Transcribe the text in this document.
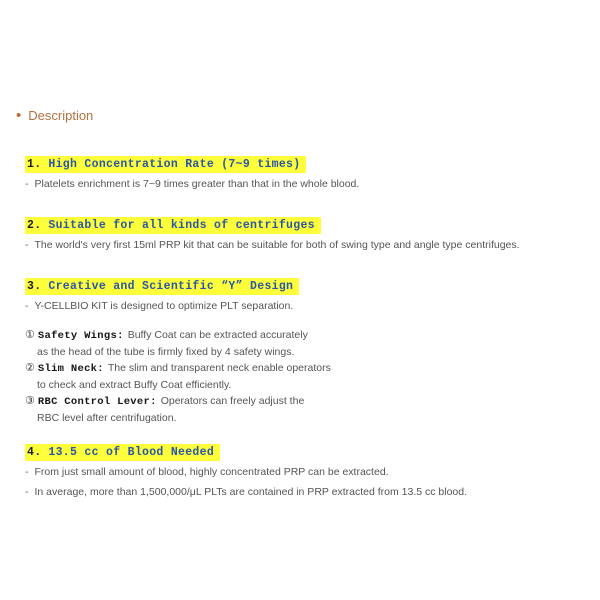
• Description
1. High Concentration Rate (7~9 times)
- Platelets enrichment is 7~9 times greater than that in the whole blood.
2. Suitable for all kinds of centrifuges
- The world's very first 15ml PRP kit that can be suitable for both of swing type and angle type centrifuges.
3. Creative and Scientific “Y” Design
- Y-CELLBIO KIT is designed to optimize PLT separation.
① Safety Wings: Buffy Coat can be extracted accurately
as the head of the tube is firmly fixed by 4 safety wings.
② Slim Neck: The slim and transparent neck enable operators
to check and extract Buffy Coat efficiently.
③ RBC Control Lever: Operators can freely adjust the
RBC level after centrifugation.
4. 13.5 cc of Blood Needed
- From just small amount of blood, highly concentrated PRP can be extracted.
- In average, more than 1,500,000/μL PLTs are contained in PRP extracted from 13.5 cc blood.
